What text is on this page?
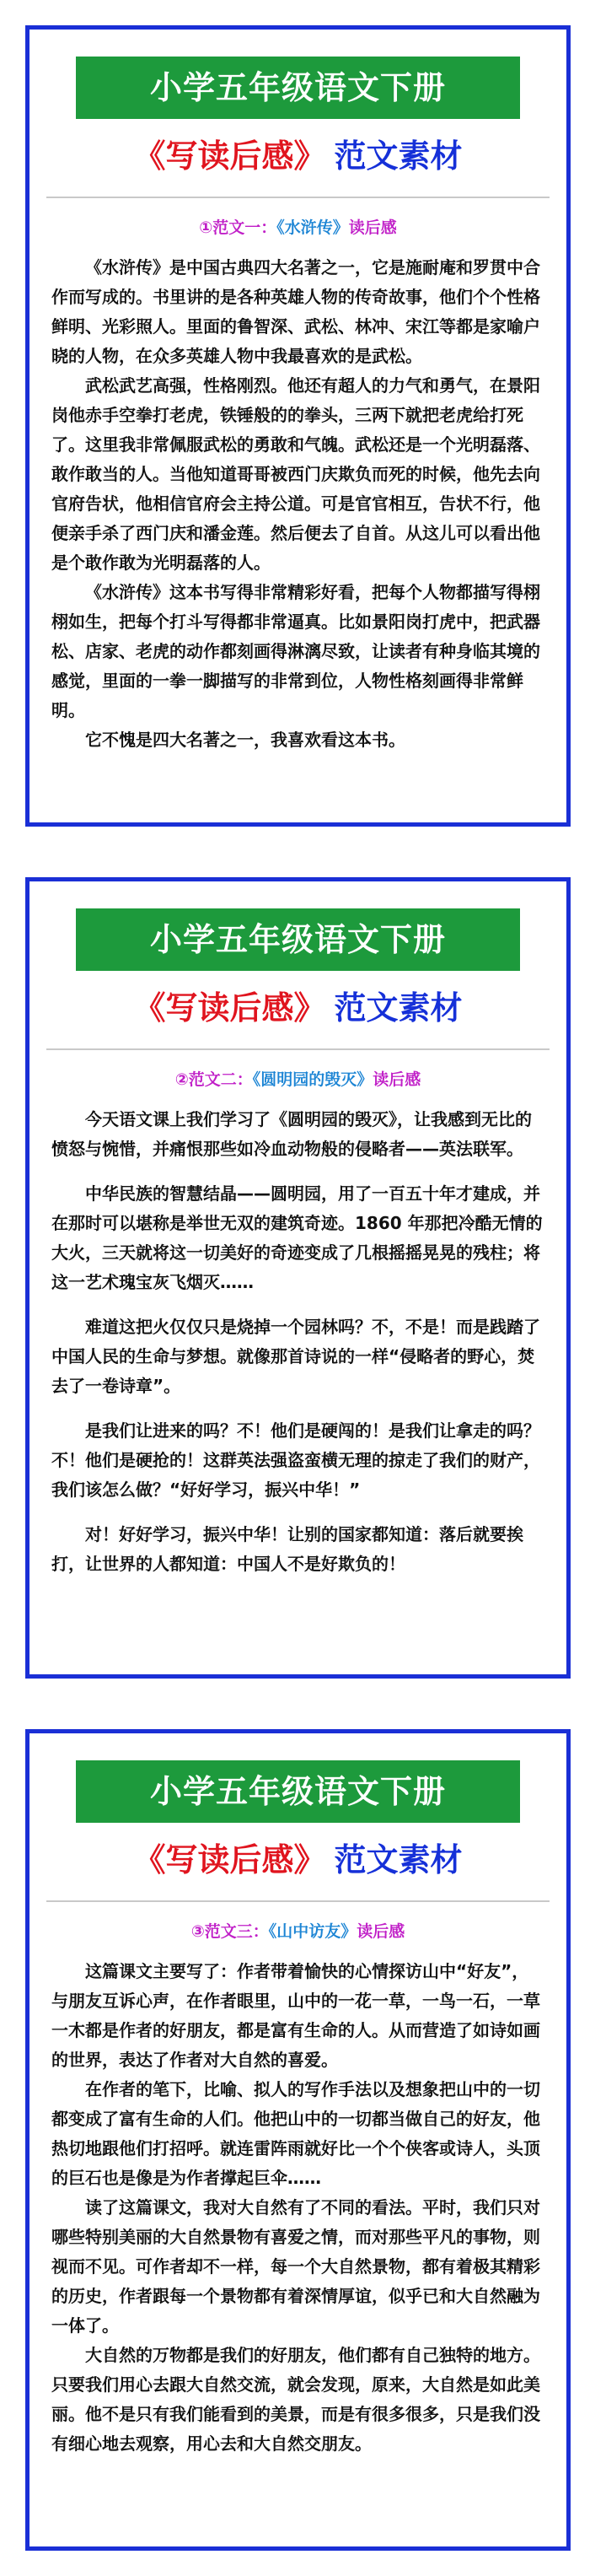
小学五年级语文下册
《写读后感》 范文素材
①范文一：《水浒传》读后感

《水浒传》是中国古典四大名著之一，它是施耐庵和罗贯中合作而写成的。书里讲的是各种英雄人物的传奇故事，他们个个性格鲜明、光彩照人。里面的鲁智深、武松、林冲、宋江等都是家喻户晓的人物，在众多英雄人物中我最喜欢的是武松。

武松武艺高强，性格刚烈。他还有超人的力气和勇气，在景阳岗他赤手空拳打老虎，铁锤般的的拳头，三两下就把老虎给打死了。这里我非常佩服武松的勇敢和气魄。武松还是一个光明磊落、敢作敢当的人。当他知道哥哥被西门庆欺负而死的时候，他先去向官府告状，他相信官府会主持公道。可是官官相互，告状不行，他便亲手杀了西门庆和潘金莲。然后便去了自首。从这儿可以看出他是个敢作敢为光明磊落的人。

《水浒传》这本书写得非常精彩好看，把每个人物都描写得栩栩如生，把每个打斗写得都非常逼真。比如景阳岗打虎中，把武器松、店家、老虎的动作都刻画得淋漓尽致，让读者有种身临其境的感觉，里面的一拳一脚描写的非常到位，人物性格刻画得非常鲜明。

它不愧是四大名著之一，我喜欢看这本书。

小学五年级语文下册
《写读后感》 范文素材
②范文二：《圆明园的毁灭》读后感

今天语文课上我们学习了《圆明园的毁灭》，让我感到无比的愤怒与惋惜，并痛恨那些如冷血动物般的侵略者——英法联军。

中华民族的智慧结晶——圆明园，用了一百五十年才建成，并在那时可以堪称是举世无双的建筑奇迹。1860 年那把冷酷无情的大火，三天就将这一切美好的奇迹变成了几根摇摇晃晃的残柱；将这一艺术瑰宝灰飞烟灭……

难道这把火仅仅只是烧掉一个园林吗？不，不是！而是践踏了中国人民的生命与梦想。就像那首诗说的一样“侵略者的野心，焚去了一卷诗章”。

是我们让进来的吗？不！他们是硬闯的！是我们让拿走的吗？不！他们是硬抢的！这群英法强盗蛮横无理的掠走了我们的财产，我们该怎么做？“好好学习，振兴中华！”

对！好好学习，振兴中华！让别的国家都知道：落后就要挨打，让世界的人都知道：中国人不是好欺负的！

小学五年级语文下册
《写读后感》 范文素材
③范文三：《山中访友》读后感

这篇课文主要写了：作者带着愉快的心情探访山中“好友”，与朋友互诉心声，在作者眼里，山中的一花一草，一鸟一石，一草一木都是作者的好朋友，都是富有生命的人。从而营造了如诗如画的世界，表达了作者对大自然的喜爱。

在作者的笔下，比喻、拟人的写作手法以及想象把山中的一切都变成了富有生命的人们。他把山中的一切都当做自己的好友，他热切地跟他们打招呼。就连雷阵雨就好比一个个侠客或诗人，头顶的巨石也是像是为作者撑起巨伞……

读了这篇课文，我对大自然有了不同的看法。平时，我们只对哪些特别美丽的大自然景物有喜爱之情，而对那些平凡的事物，则视而不见。可作者却不一样，每一个大自然景物，都有着极其精彩的历史，作者跟每一个景物都有着深情厚谊，似乎已和大自然融为一体了。

大自然的万物都是我们的好朋友，他们都有自己独特的地方。只要我们用心去跟大自然交流，就会发现，原来，大自然是如此美丽。他不是只有我们能看到的美景，而是有很多很多，只是我们没有细心地去观察，用心去和大自然交朋友。
